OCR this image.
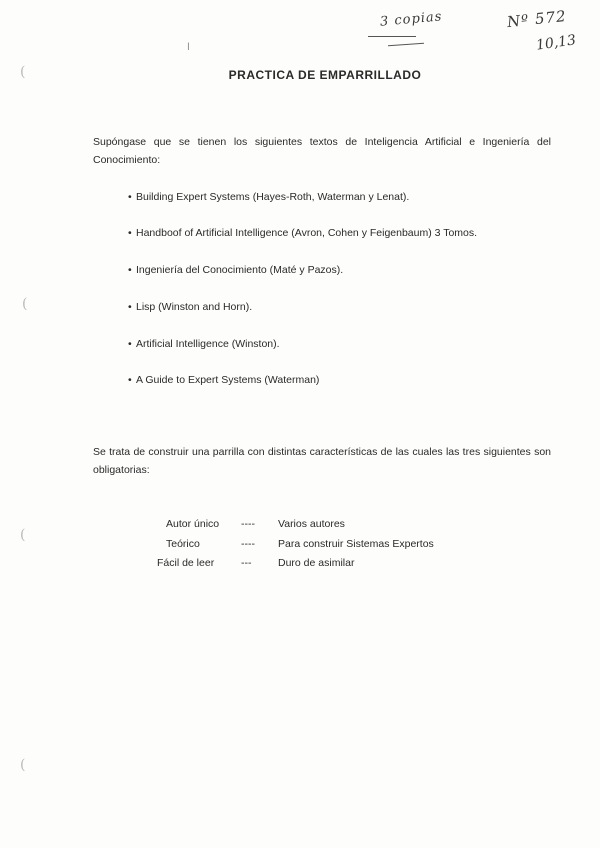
3 copias	Nº 572
10,13
ⅼ
(
(
(
(
PRACTICA DE EMPARRILLADO

Supóngase que se tienen los siguientes textos de Inteligencia Artificial e Ingeniería del Conocimiento:

• Building Expert Systems (Hayes-Roth, Waterman y Lenat).
• Handboof of Artificial Intelligence (Avron, Cohen y Feigenbaum) 3 Tomos.
• Ingeniería del Conocimiento (Maté y Pazos).
• Lisp (Winston and Horn).
• Artificial Intelligence (Winston).
• A Guide to Expert Systems (Waterman)

Se trata de construir una parrilla con distintas características de las cuales las tres siguientes son obligatorias:

Autor único ---- Varios autores
Teórico	---- Para construir Sistemas Expertos
Fácil de leer	---	Duro de asimilar
